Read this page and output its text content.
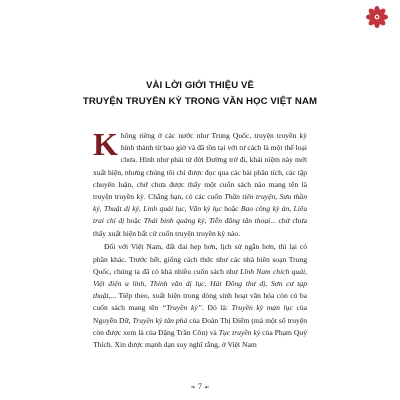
VÀI LỜI GIỚI THIỆU VỀ
TRUYỆN TRUYỀN KỲ TRONG VĂN HỌC VIỆT NAM

Không riêng ở các nước như Trung Quốc, truyện truyền kỳ hình thành từ bao giờ và đã tồn tại với tư cách là một thể loại chưa. Hình như phải từ đời Đường trở đi, khái niệm này mới xuất hiện, nhưng chúng tôi chỉ được đọc qua các bài phân tích, các tập chuyên luận, chứ chưa được thấy một cuốn sách nào mang tên là truyện truyền kỳ. Chẳng hạn, có các cuốn Thần tiên truyện, Sưu thần ký, Thuật dị ký, Linh quái lục, Văn kỳ lục hoặc Bao công kỳ án, Liêu trai chí dị hoặc Thái bình quảng ký, Tiễn đăng tân thoại... chứ chưa thấy xuất hiện bất cứ cuốn truyện truyền kỳ nào.

Đối với Việt Nam, đất đai hẹp hơn, lịch sử ngắn hơn, thì lại có phần khác. Trước hết, giống cách thức như các nhà biên soạn Trung Quốc, chúng ta đã có khá nhiều cuốn sách như Lĩnh Nam chích quái, Việt điện u linh, Thính văn dị lục, Hát Đông thư dị, Sơn cư tạp thuật,... Tiếp theo, xuất hiện trong dòng sinh hoạt văn hóa còn có ba cuốn sách mang tên “Truyền kỳ”. Đó là: Truyền kỳ mạn lục của Nguyễn Dữ, Truyền kỳ tân phả của Đoàn Thị Điểm (mà một số truyện còn được xem là của Đặng Trần Côn) và Tục truyền kỳ của Phạm Quý Thích. Xin được mạnh dạn suy nghĩ rằng, ở Việt Nam

❧ 7 ☙
